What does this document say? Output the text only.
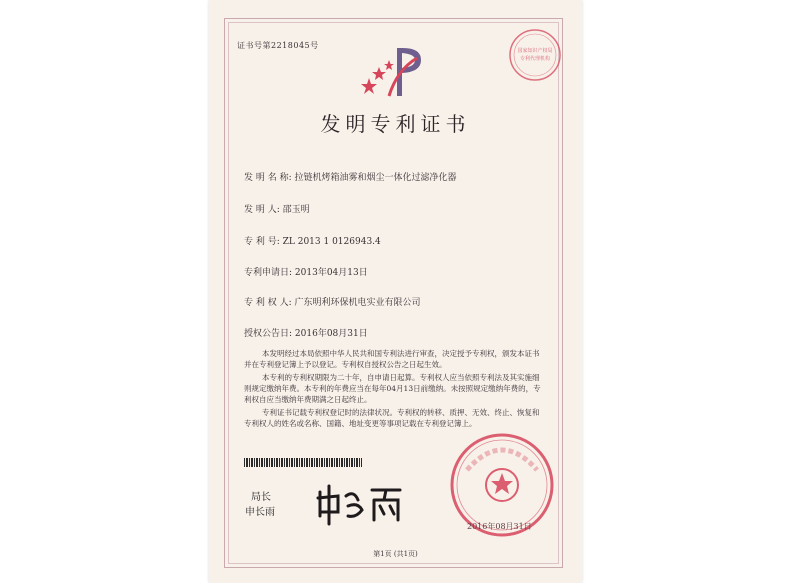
证书号第2218045号
国家知识产权局
专利代理机构
发明专利证书
发 明 名 称: 拉链机烤箱油雾和烟尘一体化过滤净化器
发 明 人: 邵玉明
专 利 号: ZL 2013 1 0126943.4
专利申请日: 2013年04月13日
专 利 权 人: 广东明利环保机电实业有限公司
授权公告日: 2016年08月31日

本发明经过本局依照中华人民共和国专利法进行审查，决定授予专利权，颁发本证书并在专利登记簿上予以登记。专利权自授权公告之日起生效。

本专利的专利权期限为二十年，自申请日起算。专利权人应当依照专利法及其实施细则规定缴纳年费。本专利的年费应当在每年04月13日前缴纳。未按照规定缴纳年费的，专利权自应当缴纳年费期满之日起终止。

专利证书记载专利权登记时的法律状况。专利权的转移、质押、无效、终止、恢复和专利权人的姓名或名称、国籍、地址变更等事项记载在专利登记簿上。

局长
申长雨
2016年08月31日
第1页 (共1页)
